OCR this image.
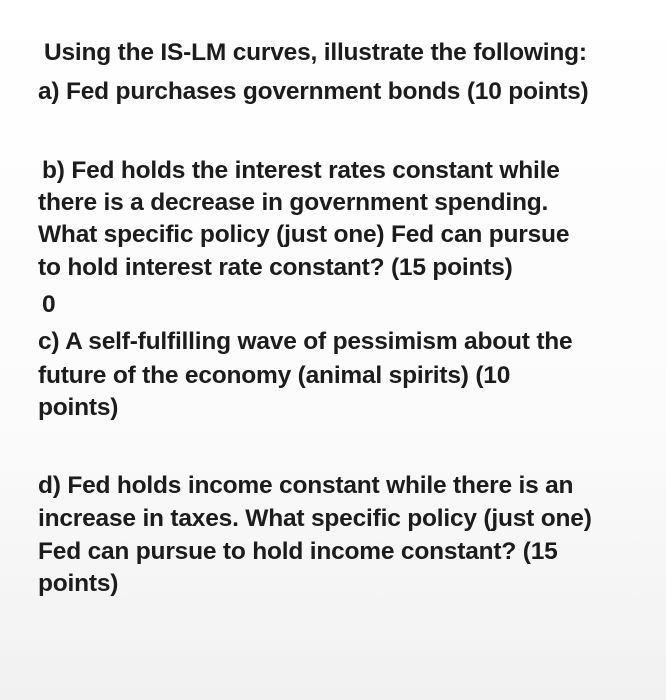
Using the IS-LM curves, illustrate the following:

a) Fed purchases government bonds (10 points)

b) Fed holds the interest rates constant while

there is a decrease in government spending.

What specific policy (just one) Fed can pursue

to hold interest rate constant? (15 points)

0

c) A self-fulfilling wave of pessimism about the

future of the economy (animal spirits) (10

points)

d) Fed holds income constant while there is an

increase in taxes. What specific policy (just one)

Fed can pursue to hold income constant? (15

points)
